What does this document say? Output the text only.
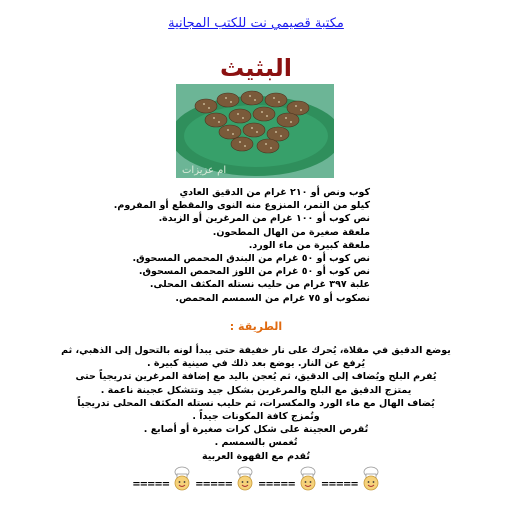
مكتبة قصيمي نت للكتب المجانية
البثيث
ام عزيزات
كوب ونص أو ٢١٠ غرام من الدقيق العادي
كيلو من التمر، المنزوع منه النوى والمقطع أو المفروم.
نص كوب أو ١٠٠ غرام من المرغرين أو الزبدة.
ملعقة صغيرة من الهال المطحون.
ملعقة كبيرة من ماء الورد.
نص كوب أو ٥٠ غرام من البندق المحمص المسحوق.
نص كوب أو ٥٠ غرام من اللوز المحمص المسحوق.
علبة ٣٩٧ غرام من حليب نستله المكثف المحلى.
نصكوب أو ٧٥ غرام من السمسم المحمص.
الطريقة :
يوضع الدقيق في مقلاة، يُحرك على نار خفيفة حتى يبدأ لونه بالتحول إلى الذهبي، ثم
يُرفع عن النار. يوضع بعد ذلك في صينية كبيرة .
يُفرم البلح ويُضاف إلى الدقيق، ثم يُعجن باليد مع إضافة المرغرين تدريجياً حتى
يمتزج الدقيق مع البلح والمرغرين بشكل جيد وتتشكل عجينة ناعمة .
يُضاف الهال مع ماء الورد والمكسرات، ثم حليب نستله المكثف المحلى تدريجياً
وتُمزج كافة المكونات جيداً .
تُقرص العجينة على شكل كرات صغيرة أو أصابع .
تُغمس بالسمسم .
تُقدم مع القهوة العربية
=====	=====	=====	=====
